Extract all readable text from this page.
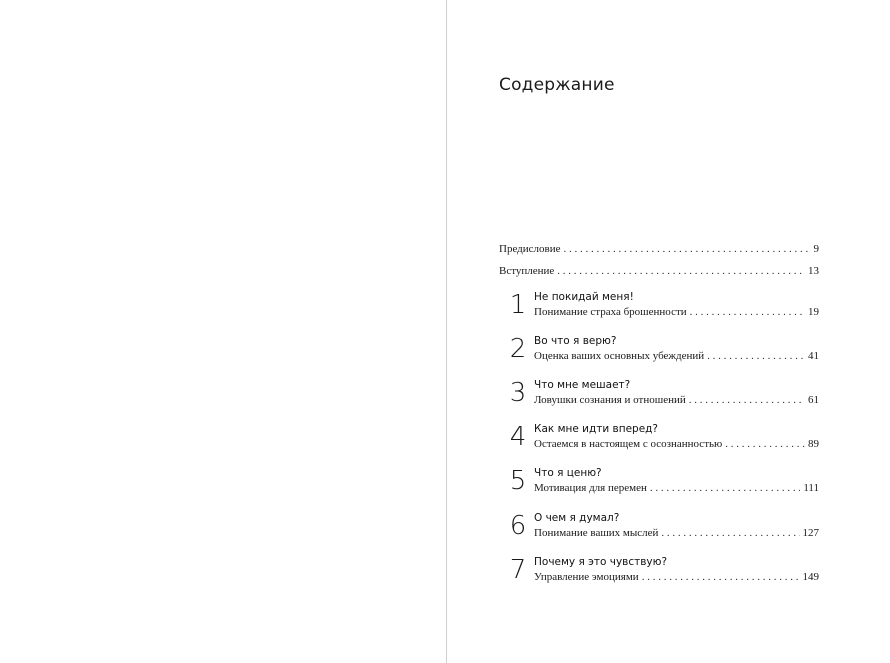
Содержание
Предисловие . . .	9
Вступление . . .	13
1 Не покидай меня!
Понимание страха брошенности . . .	19
2 Во что я верю?
Оценка ваших основных убеждений . . .	41
3 Что мне мешает?
Ловушки сознания и отношений . . .	61
4 Как мне идти вперед?
Остаемся в настоящем с осознанностью . . .	89
5 Что я ценю?
Мотивация для перемен . . .	111
6 О чем я думал?
Понимание ваших мыслей . . .	127
7 Почему я это чувствую?
Управление эмоциями . . .	149
